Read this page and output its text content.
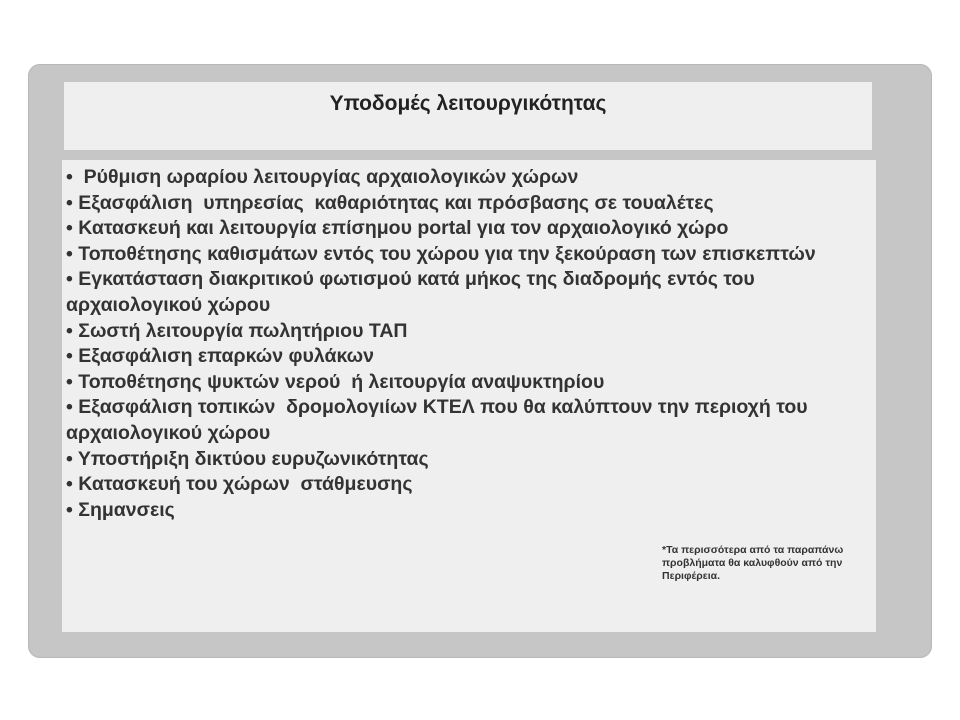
Υποδομές λειτουργικότητας
•  Ρύθμιση ωραρίου λειτουργίας αρχαιολογικών χώρων
• Εξασφάλιση  υπηρεσίας  καθαριότητας και πρόσβασης σε τουαλέτες
• Κατασκευή και λειτουργία επίσημου portal για τον αρχαιολογικό χώρο
• Τοποθέτησης καθισμάτων εντός του χώρου για την ξεκούραση των επισκεπτών
• Εγκατάσταση διακριτικού φωτισμού κατά μήκος της διαδρομής εντός του αρχαιολογικού χώρου
• Σωστή λειτουργία πωλητήριου ΤΑΠ
• Εξασφάλιση επαρκών φυλάκων
• Τοποθέτησης ψυκτών νερού  ή λειτουργία αναψυκτηρίου
• Εξασφάλιση τοπικών  δρομολογιίων ΚΤΕΛ που θα καλύπτουν την περιοχή του αρχαιολογικού χώρου
• Υποστήριξη δικτύου ευρυζωνικότητας
• Κατασκευή του χώρων  στάθμευσης
• Σημανσεις

*Τα περισσότερα από τα παραπάνω προβλήματα θα καλυφθούν από την Περιφέρεια.
